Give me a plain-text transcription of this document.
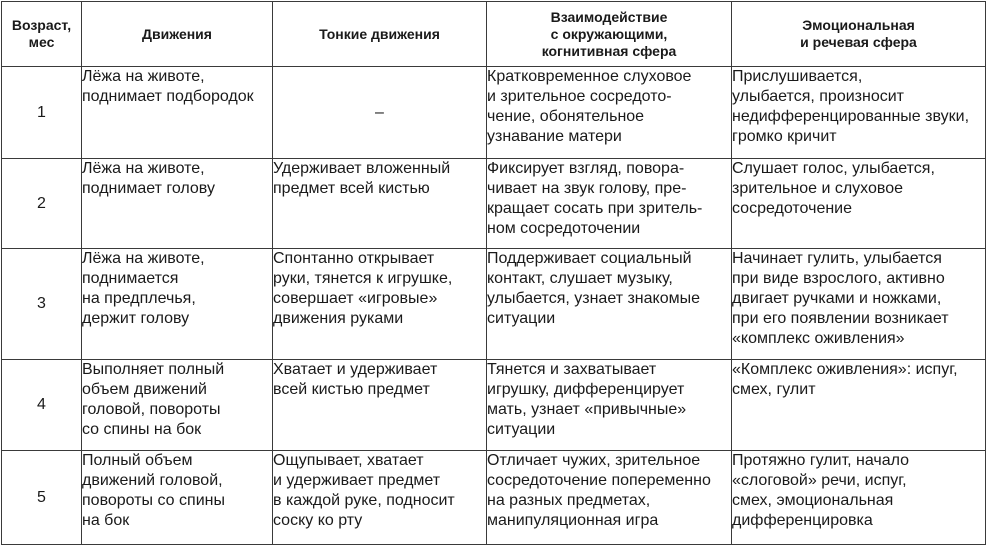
Возраст,
мес	Движения	Тонкие движения	Взаимодействие
с окружающими,
когнитивная сфера	Эмоциональная
и речевая сфера

1	Лёжа на животе,
поднимает подбородок	–	Кратковременное слуховое
и зрительное сосредото-
чение, обонятельное
узнавание матери	Прислушивается,
улыбается, произносит
недифференцированные звуки,
громко кричит
2	Лёжа на животе,
поднимает голову	Удерживает вложенный
предмет всей кистью	Фиксирует взгляд, повора-
чивает на звук голову, пре-
кращает сосать при зритель-
ном сосредоточении	Слушает голос, улыбается,
зрительное и слуховое
сосредоточение
3	Лёжа на животе,
поднимается
на предплечья,
держит голову	Спонтанно открывает
руки, тянется к игрушке,
совершает «игровые»
движения руками	Поддерживает социальный
контакт, слушает музыку,
улыбается, узнает знакомые
ситуации	Начинает гулить, улыбается
при виде взрослого, активно
двигает ручками и ножками,
при его появлении возникает
«комплекс оживления»
4	Выполняет полный
объем движений
головой, повороты
со спины на бок	Хватает и удерживает
всей кистью предмет	Тянется и захватывает
игрушку, дифференцирует
мать, узнает «привычные»
ситуации	«Комплекс оживления»: испуг,
смех, гулит
5	Полный объем
движений головой,
повороты со спины
на бок	Ощупывает, хватает
и удерживает предмет
в каждой руке, подносит
соску ко рту	Отличает чужих, зрительное
сосредоточение попеременно
на разных предметах,
манипуляционная игра	Протяжно гулит, начало
«слоговой» речи, испуг,
смех, эмоциональная
дифференцировка
